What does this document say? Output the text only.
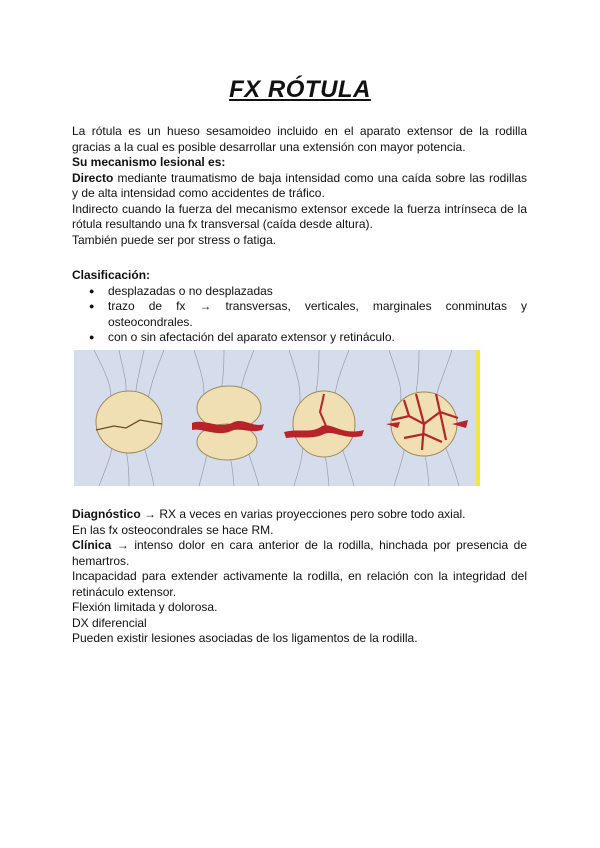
FX RÓTULA
La rótula es un hueso sesamoideo incluido en el aparato extensor de la rodilla gracias a la cual es posible desarrollar una extensión con mayor potencia.

Su mecanismo lesional es:

Directo mediante traumatismo de baja intensidad como una caída sobre las rodillas y de alta intensidad como accidentes de tráfico.

Indirecto cuando la fuerza del mecanismo extensor excede la fuerza intrínseca de la rótula resultando una fx transversal (caída desde altura).

También puede ser por stress o fatiga.

Clasificación:

● desplazadas o no desplazadas
● trazo de fx → transversas, verticales, marginales conminutas y osteocondrales.
● con o sin afectación del aparato extensor y retináculo.

Diagnóstico → RX a veces en varias proyecciones pero sobre todo axial.

En las fx osteocondrales se hace RM.

Clínica → intenso dolor en cara anterior de la rodilla, hinchada por presencia de hemartros.

Incapacidad para extender activamente la rodilla, en relación con la integridad del retináculo extensor.

Flexión limitada y dolorosa.

DX diferencial

Pueden existir lesiones asociadas de los ligamentos de la rodilla.
